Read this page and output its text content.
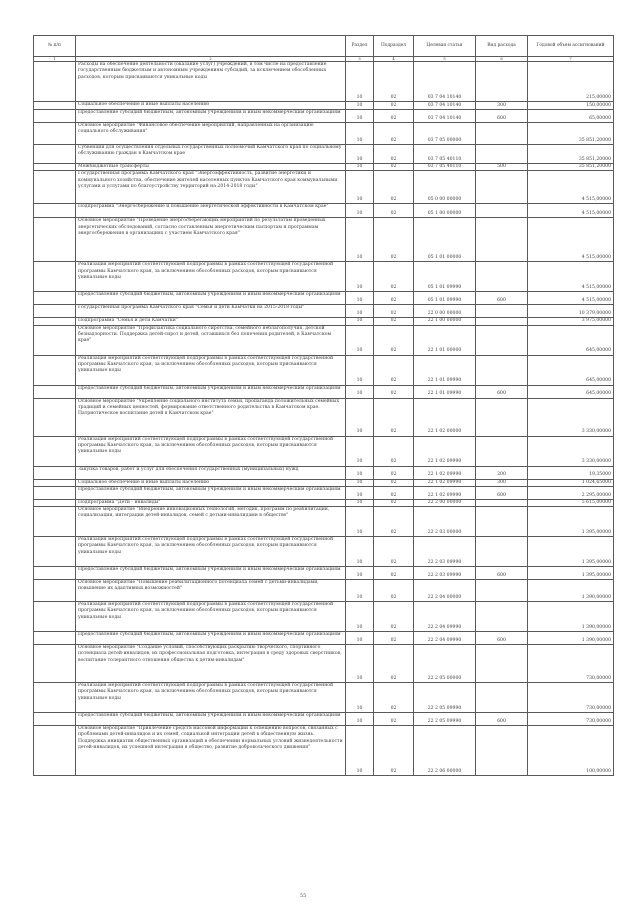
№ п/п		Раздел	Подраздел	Целевая статья	Вид расхода	Годовой объем ассигнований
1	2	3	4	5	6	7
	Расходы на обеспечение деятельности (оказание услуг) учреждений, в том числе на предоставление государственным бюджетным и автономным учреждениям субсидий, за исключением обособленных расходов, которым присваиваются уникальные коды	10	02	03 7 04 10140		215,00000
	Социальное обеспечение и иные выплаты населению	10	02	03 7 04 10140	300	150,00000
	Предоставление субсидий бюджетным, автономным учреждениям и иным некоммерческим организациям	10	02	03 7 04 10140	600	65,00000
	Основное мероприятие "Финансовое обеспечение мероприятий, направленных на организацию социального обслуживания"	10	02	03 7 05 00000		35 851,20000
	Субвенции для осуществления отдельных государственных полномочий Камчатского края по социальному обслуживанию граждан в Камчатском крае	10	02	03 7 05 40110		35 851,20000
	Межбюджетные трансферты	10	02	03 7 05 40110	500	35 851,20000
	Государственная программа Камчатского края "Энергоэффективность, развитие энергетики и коммунального хозяйства, обеспечение жителей населенных пунктов Камчатского края коммунальными услугами и услугами по благоустройству территорий на 2014-2018 годы"	10	02	05 0 00 00000		4 515,00000
	Подпрограмма "Энергосбережение и повышение энергетической эффективности в Камчатском крае"	10	02	05 1 00 00000		4 515,00000
	Основное мероприятие "Проведение энергосберегающих мероприятий по результатам проведенных энергетических обследований, согласно составленным энергетическим паспортам и программам энергосбережения в организациях с участием Камчатского края"	10	02	05 1 01 00000		4 515,00000
	Реализация мероприятий соответствующей подпрограммы в рамках соответствующей государственной программы Камчатского края, за исключением обособленных расходов, которым присваиваются уникальные коды	10	02	05 1 01 09990		4 515,00000
	Предоставление субсидий бюджетным, автономным учреждениям и иным некоммерческим организациям	10	02	05 1 01 09990	600	4 515,00000
	Государственная программа Камчатского края "Семья и дети Камчатки на 2015-2018 годы"	10	02	22 0 00 00000		10 379,00000
	Подпрограмма "Семья и дети Камчатки"	10	02	22 1 00 00000		3 975,00000
	Основное мероприятие "Профилактика социального сиротства, семейного неблагополучия, детской безнадзорности. Поддержка детей-сирот и детей, оставшихся без попечения родителей, в Камчатском крае"	10	02	22 1 01 00000		645,00000
	Реализация мероприятий соответствующей подпрограммы в рамках соответствующей государственной программы Камчатского края, за исключением обособленных расходов, которым присваиваются уникальные коды	10	02	22 1 01 09990		645,00000
	Предоставление субсидий бюджетным, автономным учреждениям и иным некоммерческим организациям	10	02	22 1 01 09990	600	645,00000
	Основное мероприятие "Укрепление социального института семьи, пропаганда положительных семейных традиций и семейных ценностей, формирование ответственного родительства в Камчатском крае. Патриотическое воспитание детей в Камчатском крае"	10	02	22 1 02 00000		3 330,00000
	Реализация мероприятий соответствующей подпрограммы в рамках соответствующей государственной программы Камчатского края, за исключением обособленных расходов, которым присваиваются уникальные коды	10	02	22 1 02 09990		3 330,00000
	Закупка товаров, работ и услуг для обеспечения государственных (муниципальных) нужд	10	02	22 1 02 09990	200	19,35000
	Социальное обеспечение и иные выплаты населению	10	02	22 1 02 09990	300	1 024,65000
	Предоставление субсидий бюджетным, автономным учреждениям и иным некоммерческим организациям	10	02	22 1 02 09990	600	2 295,00000
	Подпрограмма "Дети - инвалиды"	10	02	22 2 00 00000		5 615,00000
	Основное мероприятие "Внедрение инновационных технологий, методик, программ по реабилитации, социализации, интеграции детей-инвалидов, семей с детьми-инвалидами в обществе"	10	02	22 2 03 00000		1 395,00000
	Реализация мероприятий соответствующей подпрограммы в рамках соответствующей государственной программы Камчатского края, за исключением обособленных расходов, которым присваиваются уникальные коды	10	02	22 2 03 09990		1 395,00000
	Предоставление субсидий бюджетным, автономным учреждениям и иным некоммерческим организациям	10	02	22 2 03 09990	600	1 395,00000
	Основное мероприятие "Повышение реабилитационного потенциала семей с детьми-инвалидами, повышение их адаптивных возможностей"	10	02	22 2 04 00000		1 390,00000
	Реализация мероприятий соответствующей подпрограммы в рамках соответствующей государственной программы Камчатского края, за исключением обособленных расходов, которым присваиваются уникальные коды	10	02	22 2 04 09990		1 390,00000
	Предоставление субсидий бюджетным, автономным учреждениям и иным некоммерческим организациям	10	02	22 2 04 09990	600	1 390,00000
	Основное мероприятие "Создание условий, способствующих раскрытию творческого, спортивного потенциала детей-инвалидов, их профессиональная подготовка, интеграция в среду здоровых сверстников, воспитание толерантного отношения общества к детям-инвалидам"	10	02	22 2 05 00000		730,00000
	Реализация мероприятий соответствующей подпрограммы в рамках соответствующей государственной программы Камчатского края, за исключением обособленных расходов, которым присваиваются уникальные коды	10	02	22 2 05 09990		730,00000
	Предоставление субсидий бюджетным, автономным учреждениям и иным некоммерческим организациям	10	02	22 2 05 09990	600	730,00000
	Основное мероприятие "Привлечение средств массовой информации к освещению вопросов, связанных с проблемами детей-инвалидов и их семей, социальной интеграции детей в общественную жизнь. Поддержка инициатив общественных организаций в обеспечении нормальных условий жизнедеятельности детей-инвалидов, их успешной интеграции в общество, развитие добровольческого движения"	10	02	22 2 06 00000		100,00000
55
